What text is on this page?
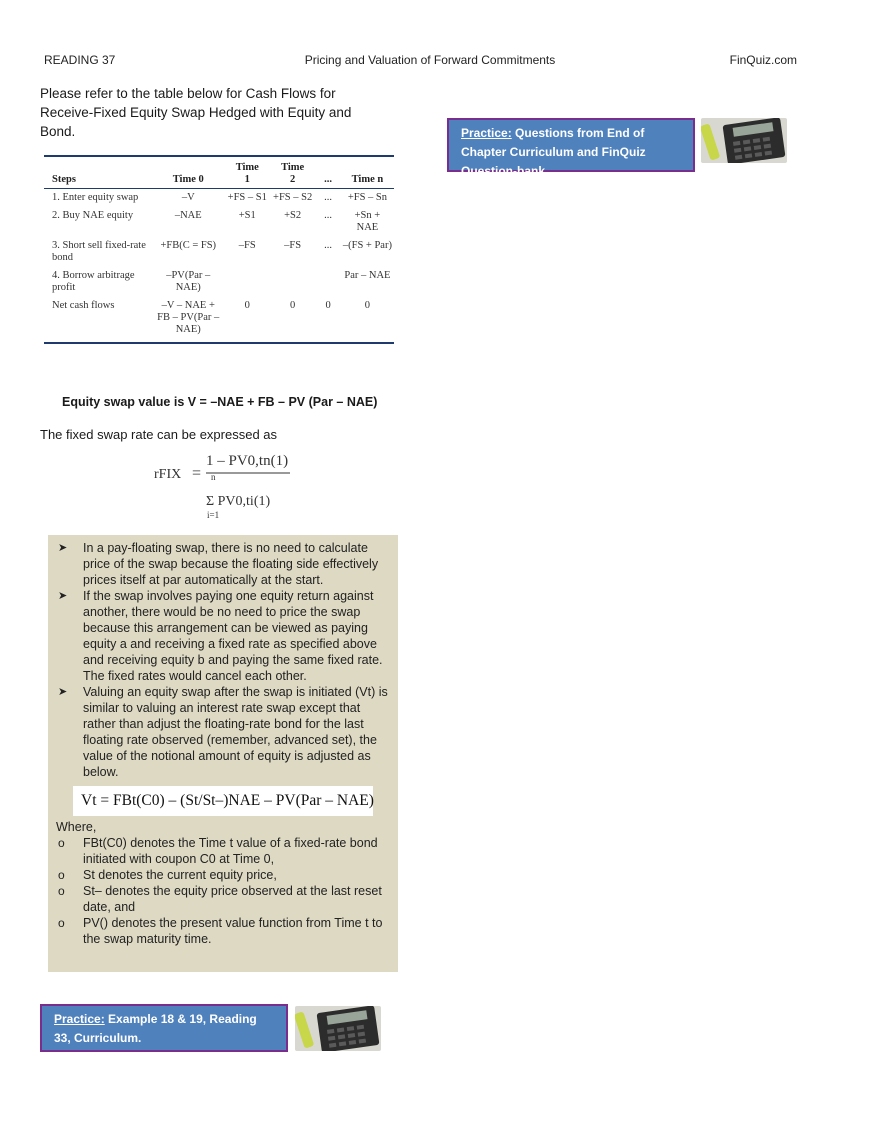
READING 37	Pricing and Valuation of Forward Commitments	FinQuiz.com
Please refer to the table below for Cash Flows for Receive-Fixed Equity Swap Hedged with Equity and Bond.	Practice: Questions from End of Chapter Curriculum and FinQuiz Question-bank
		Time	Time		
Steps	Time 0	1	2	...	Time n
1. Enter equity swap	–V	+FS – S1	+FS – S2	...	+FS – Sn
2. Buy NAE equity	–NAE	+S1	+S2	...	+Sn + NAE
3. Short sell fixed-rate bond	+FB(C = FS)	–FS	–FS	...	–(FS + Par)
4. Borrow arbitrage profit	–PV(Par – NAE)				Par – NAE
Net cash flows	–V – NAE + FB – PV(Par – NAE)	0	0	0	0
Equity swap value is V = –NAE + FB – PV (Par – NAE)
The fixed swap rate can be expressed as
rFIX =
1 – PV0,tn(1)
n
Σ PV0,ti(1)
i=1
➤ In a pay-floating swap, there is no need to calculate price of the swap because the floating side effectively prices itself at par automatically at the start.
➤ If the swap involves paying one equity return against another, there would be no need to price the swap because this arrangement can be viewed as paying equity a and receiving a fixed rate as specified above and receiving equity b and paying the same fixed rate. The fixed rates would cancel each other.
➤ Valuing an equity swap after the swap is initiated (Vt) is similar to valuing an interest rate swap except that rather than adjust the floating-rate bond for the last floating rate observed (remember, advanced set), the value of the notional amount of equity is adjusted as below.
Vt = FBt(C0) – (St/St–)NAE – PV(Par – NAE)
Where,
o FBt(C0) denotes the Time t value of a fixed-rate bond initiated with coupon C0 at Time 0,
o St denotes the current equity price,
o St– denotes the equity price observed at the last reset date, and
o PV() denotes the present value function from Time t to the swap maturity time.
Practice: Example 18 & 19, Reading 33, Curriculum.
